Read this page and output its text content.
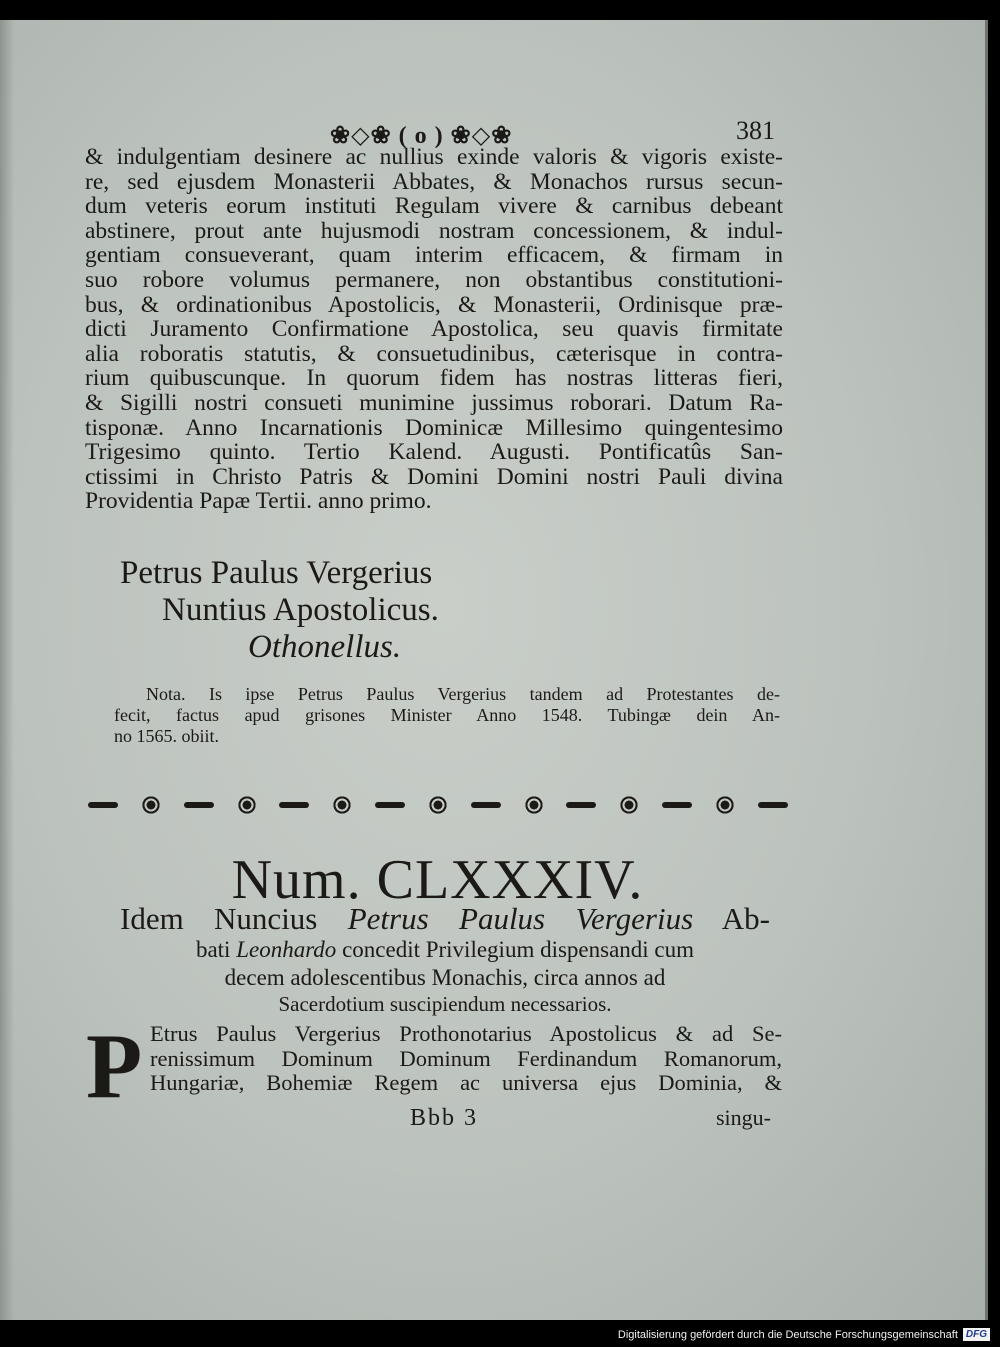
❀◇❀ ( o ) ❀◇❀	381
& indulgentiam desinere ac nullius exinde valoris & vigoris existe-
re, sed ejusdem Monasterii Abbates, & Monachos rursus secun-
dum veteris eorum instituti Regulam vivere & carnibus debeant
abstinere, prout ante hujusmodi nostram concessionem, & indul-
gentiam consueverant, quam interim efficacem, & firmam in
suo robore volumus permanere, non obstantibus constitutioni-
bus, & ordinationibus Apostolicis, & Monasterii, Ordinisque præ-
dicti Juramento Confirmatione Apostolica, seu quavis firmitate
alia roboratis statutis, & consuetudinibus, cæterisque in contra-
rium quibuscunque. In quorum fidem has nostras litteras fieri,
& Sigilli nostri consueti munimine jussimus roborari. Datum Ra-
tisponæ. Anno Incarnationis Dominicæ Millesimo quingentesimo
Trigesimo quinto. Tertio Kalend. Augusti. Pontificatûs San-
ctissimi in Christo Patris & Domini Domini nostri Pauli divina
Providentia Papæ Tertii. anno primo.
Petrus Paulus Vergerius
Nuntius Apostolicus.
Othonellus.
Nota. Is ipse Petrus Paulus Vergerius tandem ad Protestantes de-
fecit, factus apud grisones Minister Anno 1548. Tubingæ dein An-
no 1565. obiit.
Num. CLXXXIV.
Idem Nuncius Petrus Paulus Vergerius Ab-
bati Leonhardo concedit Privilegium dispensandi cum
decem adolescentibus Monachis, circa annos ad
Sacerdotium suscipiendum necessarios.
P Etrus Paulus Vergerius Prothonotarius Apostolicus & ad Se-
renissimum Dominum Dominum Ferdinandum Romanorum,
Hungariæ, Bohemiæ Regem ac universa ejus Dominia, &
Bbb 3	singu-
Digitalisierung gefördert durch die Deutsche Forschungsgemeinschaft DFG
